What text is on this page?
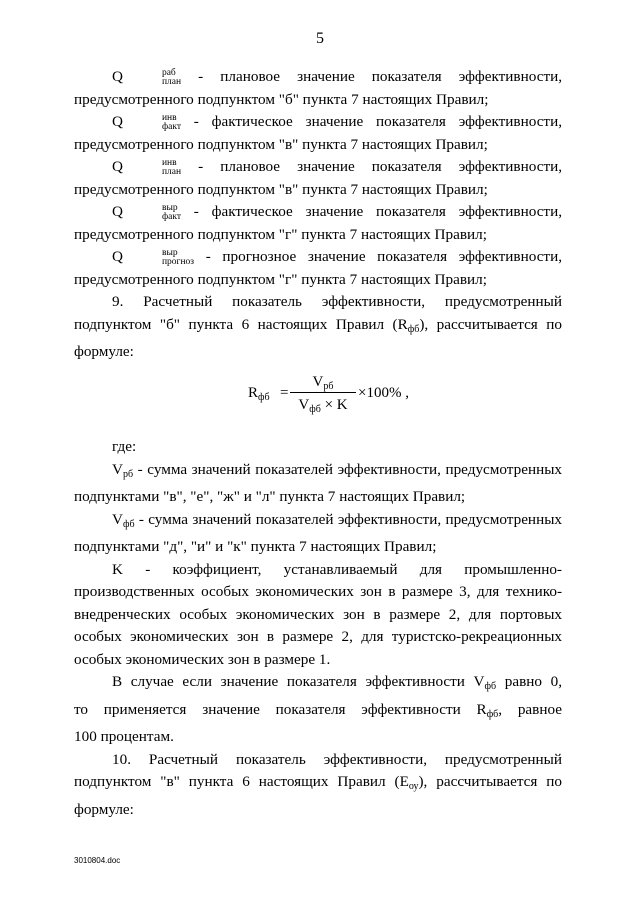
5

Q	раб
план - плановое значение показателя эффективности,

предусмотренного подпунктом "б" пункта 7 настоящих Правил;

Q	инв
факт - фактическое значение показателя эффективности,

предусмотренного подпунктом "в" пункта 7 настоящих Правил;

Q	инв
план - плановое значение показателя эффективности,

предусмотренного подпунктом "в" пункта 7 настоящих Правил;

Q	выр
факт - фактическое значение показателя эффективности,

предусмотренного подпунктом "г" пункта 7 настоящих Правил;

Q	выр
прогноз - прогнозное значение показателя эффективности,

предусмотренного подпунктом "г" пункта 7 настоящих Правил;

9. Расчетный показатель эффективности, предусмотренный

подпунктом "б" пункта 6 настоящих Правил $(R_{фб})$, рассчитывается по

формуле:

$R_{фб}$ =
$V_{рб}$
$V_{фб} \times K$
×100% ,

где:

$V_{рб}$ - сумма значений показателей эффективности, предусмотренных

подпунктами "в", "е", "ж" и "л" пункта 7 настоящих Правил;

$V_{фб}$ - сумма значений показателей эффективности, предусмотренных

подпунктами "д", "и" и "к" пункта 7 настоящих Правил;

K - коэффициент, устанавливаемый для промышленно-

производственных особых экономических зон в размере 3, для технико-

внедренческих особых экономических зон в размере 2, для портовых

особых экономических зон в размере 2, для туристско-рекреационных

особых экономических зон в размере 1.

В случае если значение показателя эффективности $V_{фб}$ равно 0,

то применяется значение показателя эффективности $R_{фб}$, равное

100 процентам.

10. Расчетный показатель эффективности, предусмотренный

подпунктом "в" пункта 6 настоящих Правил $(E_{оу})$, рассчитывается по

формуле:

3010804.doc
